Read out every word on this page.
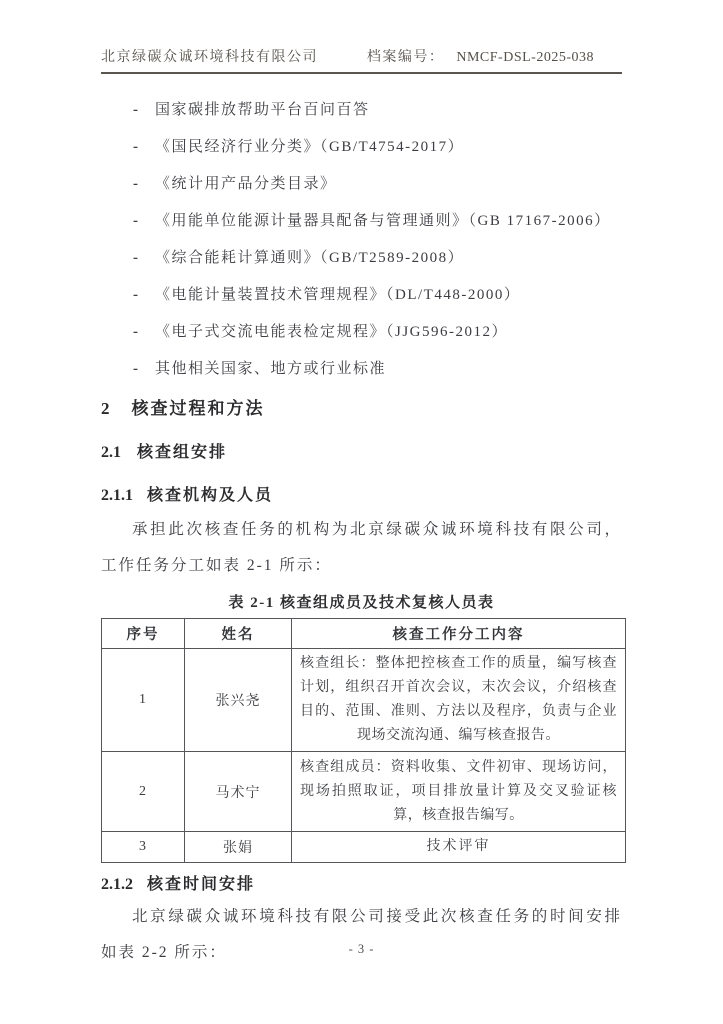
北京绿碳众诚环境科技有限公司	档案编号： NMCF-DSL-2025-038
-	国家碳排放帮助平台百问百答
-	《国民经济行业分类》（GB/T4754-2017）
-	《统计用产品分类目录》
-	《用能单位能源计量器具配备与管理通则》（GB 17167-2006）
-	《综合能耗计算通则》（GB/T2589-2008）
-	《电能计量装置技术管理规程》（DL/T448-2000）
-	《电子式交流电能表检定规程》（JJG596-2012）
-	其他相关国家、地方或行业标准
2 核查过程和方法
2.1 核查组安排
2.1.1 核查机构及人员
承担此次核查任务的机构为北京绿碳众诚环境科技有限公司，
工作任务分工如表 2-1 所示：
表 2-1 核查组成员及技术复核人员表
序号	姓名	核查工作分工内容
1	张兴尧	核查组长：整体把控核查工作的质量，编写核查计划，组织召开首次会议，末次会议，介绍核查目的、范围、准则、方法以及程序，负责与企业现场交流沟通、编写核查报告。
2	马术宁	核查组成员：资料收集、文件初审、现场访问，现场拍照取证，项目排放量计算及交叉验证核算，核查报告编写。
3	张娟	技术评审
2.1.2 核查时间安排
北京绿碳众诚环境科技有限公司接受此次核查任务的时间安排
如表 2-2 所示：	- 3 -
